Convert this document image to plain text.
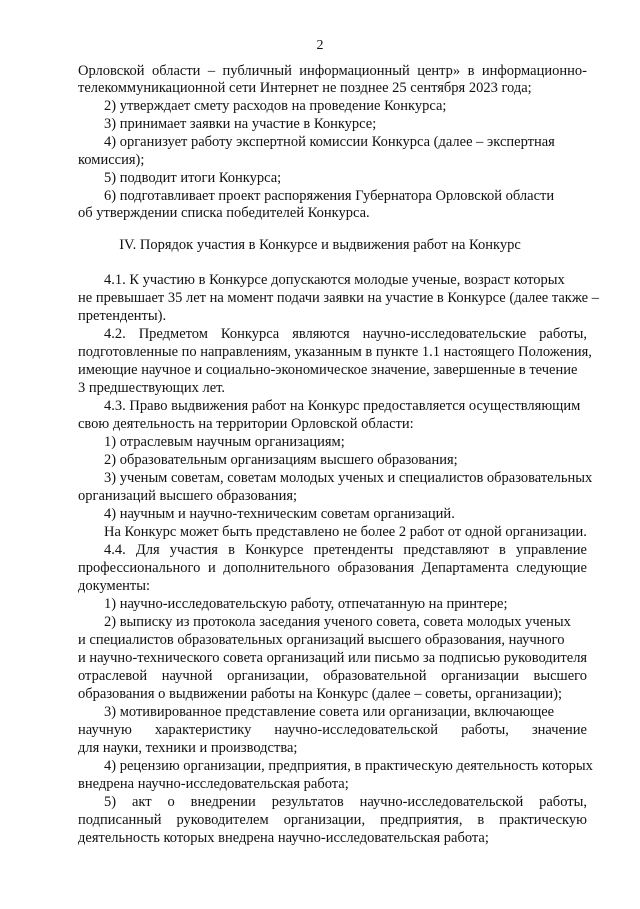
2
Орловской области – публичный информационный центр» в информационно-
телекоммуникационной сети Интернет не позднее 25 сентября 2023 года;
2) утверждает смету расходов на проведение Конкурса;
3) принимает заявки на участие в Конкурсе;
4) организует работу экспертной комиссии Конкурса (далее – экспертная
комиссия);
5) подводит итоги Конкурса;
6) подготавливает проект распоряжения Губернатора Орловской области
об утверждении списка победителей Конкурса.
IV. Порядок участия в Конкурсе и выдвижения работ на Конкурс
4.1. К участию в Конкурсе допускаются молодые ученые, возраст которых
не превышает 35 лет на момент подачи заявки на участие в Конкурсе (далее также –
претенденты).
4.2. Предметом Конкурса являются научно-исследовательские работы,
подготовленные по направлениям, указанным в пункте 1.1 настоящего Положения,
имеющие научное и социально-экономическое значение, завершенные в течение
3 предшествующих лет.
4.3. Право выдвижения работ на Конкурс предоставляется осуществляющим
свою деятельность на территории Орловской области:
1) отраслевым научным организациям;
2) образовательным организациям высшего образования;
3) ученым советам, советам молодых ученых и специалистов образовательных
организаций высшего образования;
4) научным и научно-техническим советам организаций.
На Конкурс может быть представлено не более 2 работ от одной организации.
4.4. Для участия в Конкурсе претенденты представляют в управление
профессионального и дополнительного образования Департамента следующие
документы:
1) научно-исследовательскую работу, отпечатанную на принтере;
2) выписку из протокола заседания ученого совета, совета молодых ученых
и специалистов образовательных организаций высшего образования, научного
и научно-технического совета организаций или письмо за подписью руководителя
отраслевой научной организации, образовательной организации высшего
образования о выдвижении работы на Конкурс (далее – советы, организации);
3) мотивированное представление совета или организации, включающее
научную характеристику научно-исследовательской работы, значение
для науки, техники и производства;
4) рецензию организации, предприятия, в практическую деятельность которых
внедрена научно-исследовательская работа;
5) акт о внедрении результатов научно-исследовательской работы,
подписанный руководителем организации, предприятия, в практическую
деятельность которых внедрена научно-исследовательская работа;
